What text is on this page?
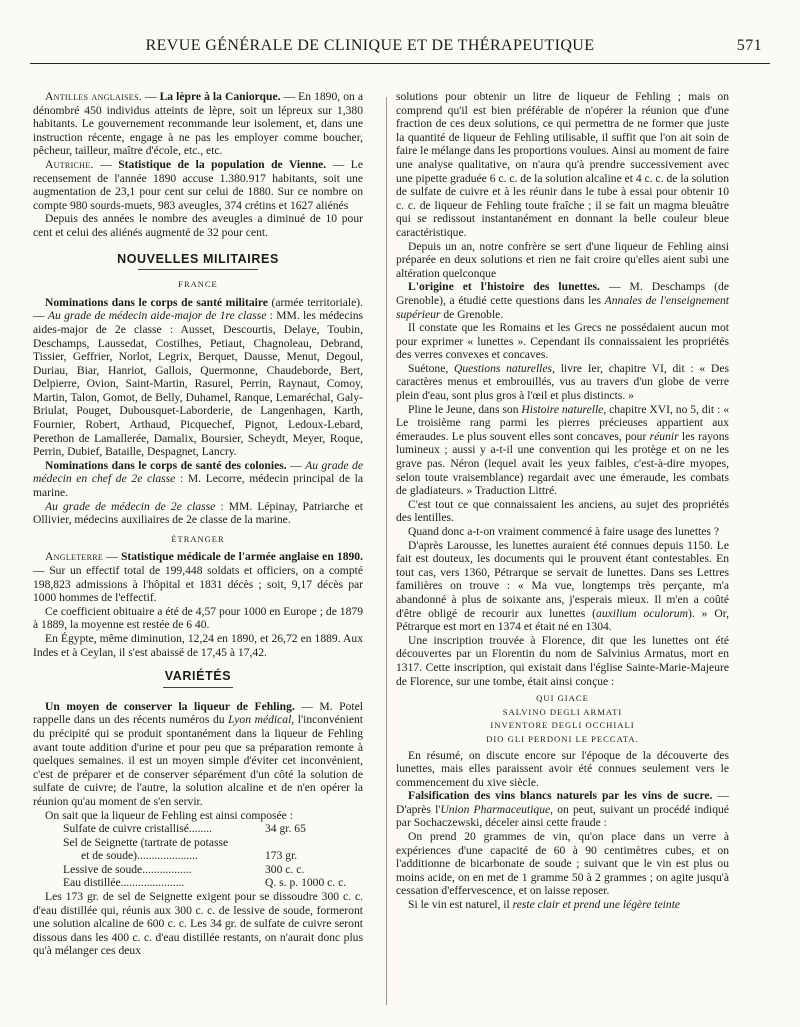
REVUE GÉNÉRALE DE CLINIQUE ET DE THÉRAPEUTIQUE	571

Antilles anglaises. — La lèpre à la Caniorque. — En 1890, on a dénombré 450 individus atteints de lèpre, soit un lépreux sur 1,380 habitants. Le gouvernement recommande leur isolement, et, dans une instruction récente, engage à ne pas les employer comme boucher, pêcheur, tailleur, maître d'école, etc., etc.

Autriche. — Statistique de la population de Vienne. — Le recensement de l'année 1890 accuse 1.380.917 habitants, soit une augmentation de 23,1 pour cent sur celui de 1880. Sur ce nombre on compte 980 sourds-muets, 983 aveugles, 374 crétins et 1627 aliénés

Depuis des années le nombre des aveugles a diminué de 10 pour cent et celui des aliénés augmenté de 32 pour cent.

NOUVELLES MILITAIRES
FRANCE

Nominations dans le corps de santé militaire (armée territoriale). — Au grade de médecin aide-major de 1re classe : MM. les médecins aides-major de 2e classe : Ausset, Descourtis, Delaye, Toubin, Deschamps, Laussedat, Costilhes, Petiaut, Chagnoleau, Debrand, Tissier, Geffrier, Norlot, Legrix, Berquet, Dausse, Menut, Degoul, Duriau, Biar, Hanriot, Gallois, Quermonne, Chaudeborde, Bert, Delpierre, Ovion, Saint-Martin, Rasurel, Perrin, Raynaut, Comoy, Martin, Talon, Gomot, de Belly, Duhamel, Ranque, Lemaréchal, Galy-Briulat, Pouget, Dubousquet-Laborderie, de Langenhagen, Karth, Fournier, Robert, Arthaud, Picquechef, Pignot, Ledoux-Lebard, Perethon de Lamallerée, Damalix, Boursier, Scheydt, Meyer, Roque, Perrin, Dubief, Bataille, Despagnet, Lancry.

Nominations dans le corps de santé des colonies. — Au grade de médecin en chef de 2e classe : M. Lecorre, médecin principal de la marine.

Au grade de médecin de 2e classe : MM. Lépinay, Patriarche et Ollivier, médecins auxiliaires de 2e classe de la marine.

ÉTRANGER

Angleterre — Statistique médicale de l'armée anglaise en 1890. — Sur un effectif total de 199,448 soldats et officiers, on a compté 198,823 admissions à l'hôpital et 1831 décès ; soit, 9,17 décès par 1000 hommes de l'effectif.

Ce coefficient obituaire a été de 4,57 pour 1000 en Europe ; de 1879 à 1889, la moyenne est restée de 6 40.

En Égypte, même diminution, 12,24 en 1890, et 26,72 en 1889. Aux Indes et à Ceylan, il s'est abaissé de 17,45 à 17,42.

VARIÉTÉS

Un moyen de conserver la liqueur de Fehling. — M. Potel rappelle dans un des récents numéros du Lyon médical, l'inconvénient du précipité qui se produit spontanément dans la liqueur de Fehling avant toute addition d'urine et pour peu que sa préparation remonte à quelques semaines. il est un moyen simple d'éviter cet inconvénient, c'est de préparer et de conserver séparément d'un côté la solution de sulfate de cuivre; de l'autre, la solution alcaline et de n'en opérer la réunion qu'au moment de s'en servir.

On sait que la liqueur de Fehling est ainsi composée :

Sulfate de cuivre cristallisé........	34 gr. 65
Sel de Seignette (tartrate de potasse
et de soude).....................	173 gr.
Lessive de soude.................	300 c. c.
Eau distillée......................	Q. s. p. 1000 c. c.

Les 173 gr. de sel de Seignette exigent pour se dissoudre 300 c. c. d'eau distillée qui, réunis aux 300 c. c. de lessive de soude, formeront une solution alcaline de 600 c. c. Les 34 gr. de sulfate de cuivre seront dissous dans les 400 c. c. d'eau distillée restants, on n'aurait donc plus qu'à mélanger ces deux

solutions pour obtenir un litre de liqueur de Fehling ; mais on comprend qu'il est bien préférable de n'opérer la réunion que d'une fraction de ces deux solutions, ce qui permettra de ne former que juste la quantité de liqueur de Fehling utilisable, il suffit que l'on ait soin de faire le mélange dans les proportions voulues. Ainsi au moment de faire une analyse qualitative, on n'aura qu'à prendre successivement avec une pipette graduée 6 c. c. de la solution alcaline et 4 c. c. de la solution de sulfate de cuivre et à les réunir dans le tube à essai pour obtenir 10 c. c. de liqueur de Fehling toute fraîche ; il se fait un magma bleuâtre qui se redissout instantanément en donnant la belle couleur bleue caractéristique.

Depuis un an, notre confrère se sert d'une liqueur de Fehling ainsi préparée en deux solutions et rien ne fait croire qu'elles aient subi une altération quelconque

L'origine et l'histoire des lunettes. — M. Deschamps (de Grenoble), a étudié cette questions dans les Annales de l'enseignement supérieur de Grenoble.

Il constate que les Romains et les Grecs ne possédaient aucun mot pour exprimer « lunettes ». Cependant ils connaissaient les propriétés des verres convexes et concaves.

Suétone, Questions naturelles, livre Ier, chapitre VI, dit : « Des caractères menus et embrouillés, vus au travers d'un globe de verre plein d'eau, sont plus gros à l'œil et plus distincts. »

Pline le Jeune, dans son Histoire naturelle, chapitre XVI, no 5, dit : « Le troisième rang parmi les pierres précieuses appartient aux émeraudes. Le plus souvent elles sont concaves, pour réunir les rayons lumineux ; aussi y a-t-il une convention qui les protège et on ne les grave pas. Néron (lequel avait les yeux faibles, c'est-à-dire myopes, selon toute vraisemblance) regardait avec une émeraude, les combats de gladiateurs. » Traduction Littré.

C'est tout ce que connaissaient les anciens, au sujet des propriétés des lentilles.

Quand donc a-t-on vraiment commencé à faire usage des lunettes ?

D'après Larousse, les lunettes auraient été connues depuis 1150. Le fait est douteux, les documents qui le prouvent étant contestables. En tout cas, vers 1360, Pétrarque se servait de lunettes. Dans ses Lettres familières on trouve : « Ma vue, longtemps très perçante, m'a abandonné à plus de soixante ans, j'esperais mieux. Il m'en a coûté d'être obligé de recourir aux lunettes (auxilium oculorum). » Or, Pétrarque est mort en 1374 et était né en 1304.

Une inscription trouvée à Florence, dit que les lunettes ont été découvertes par un Florentin du nom de Salvinius Armatus, mort en 1317. Cette inscription, qui existait dans l'église Sainte-Marie-Majeure de Florence, sur une tombe, était ainsi conçue :

QUI GIACE
SALVINO DEGLI ARMATI
INVENTORE DEGLI OCCHIALI
DIO GLI PERDONI LE PECCATA.

En résumé, on discute encore sur l'époque de la découverte des lunettes, mais elles paraissent avoir été connues seulement vers le commencement du xive siècle.

Falsification des vins blancs naturels par les vins de sucre. — D'après l'Union Pharmaceutique, on peut, suivant un procédé indiqué par Sochaczewski, déceler ainsi cette fraude :

On prend 20 grammes de vin, qu'on place dans un verre à expériences d'une capacité de 60 à 90 centimètres cubes, et on l'additionne de bicarbonate de soude ; suivant que le vin est plus ou moins acide, on en met de 1 gramme 50 à 2 grammes ; on agite jusqu'à cessation d'effervescence, et on laisse reposer.

Si le vin est naturel, il reste clair et prend une légère teinte
